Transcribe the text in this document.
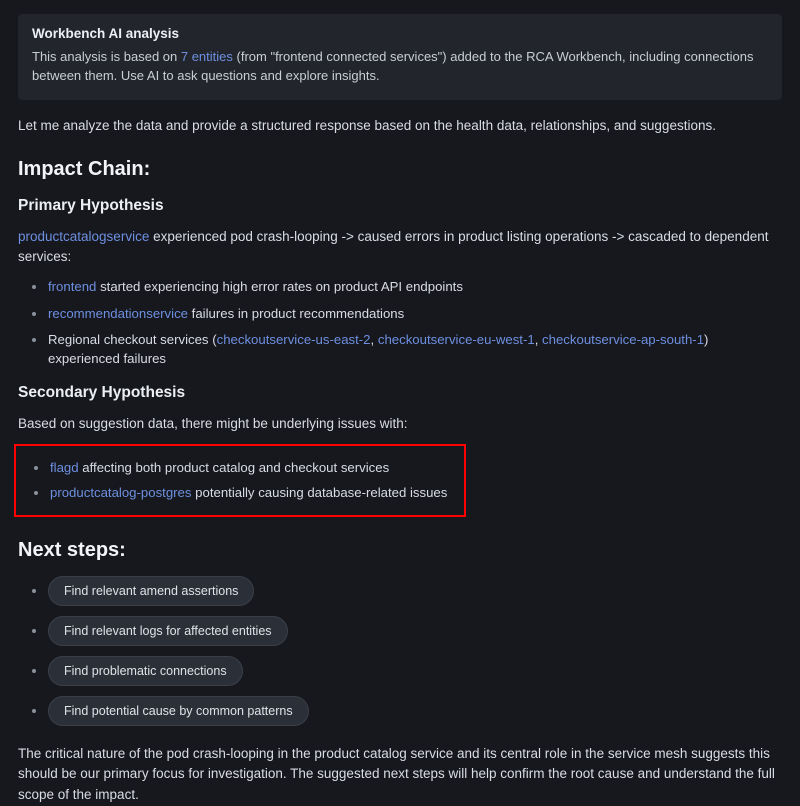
Workbench AI analysis
This analysis is based on 7 entities (from "frontend connected services") added to the RCA Workbench, including connections between them. Use AI to ask questions and explore insights.
Let me analyze the data and provide a structured response based on the health data, relationships, and suggestions.
Impact Chain:
Primary Hypothesis
productcatalogservice experienced pod crash-looping -> caused errors in product listing operations -> cascaded to dependent services:
frontend started experiencing high error rates on product API endpoints
recommendationservice failures in product recommendations
Regional checkout services (checkoutservice-us-east-2, checkoutservice-eu-west-1, checkoutservice-ap-south-1) experienced failures
Secondary Hypothesis
Based on suggestion data, there might be underlying issues with:
flagd affecting both product catalog and checkout services
productcatalog-postgres potentially causing database-related issues
Next steps:
Find relevant amend assertions
Find relevant logs for affected entities
Find problematic connections
Find potential cause by common patterns
The critical nature of the pod crash-looping in the product catalog service and its central role in the service mesh suggests this should be our primary focus for investigation. The suggested next steps will help confirm the root cause and understand the full scope of the impact.
